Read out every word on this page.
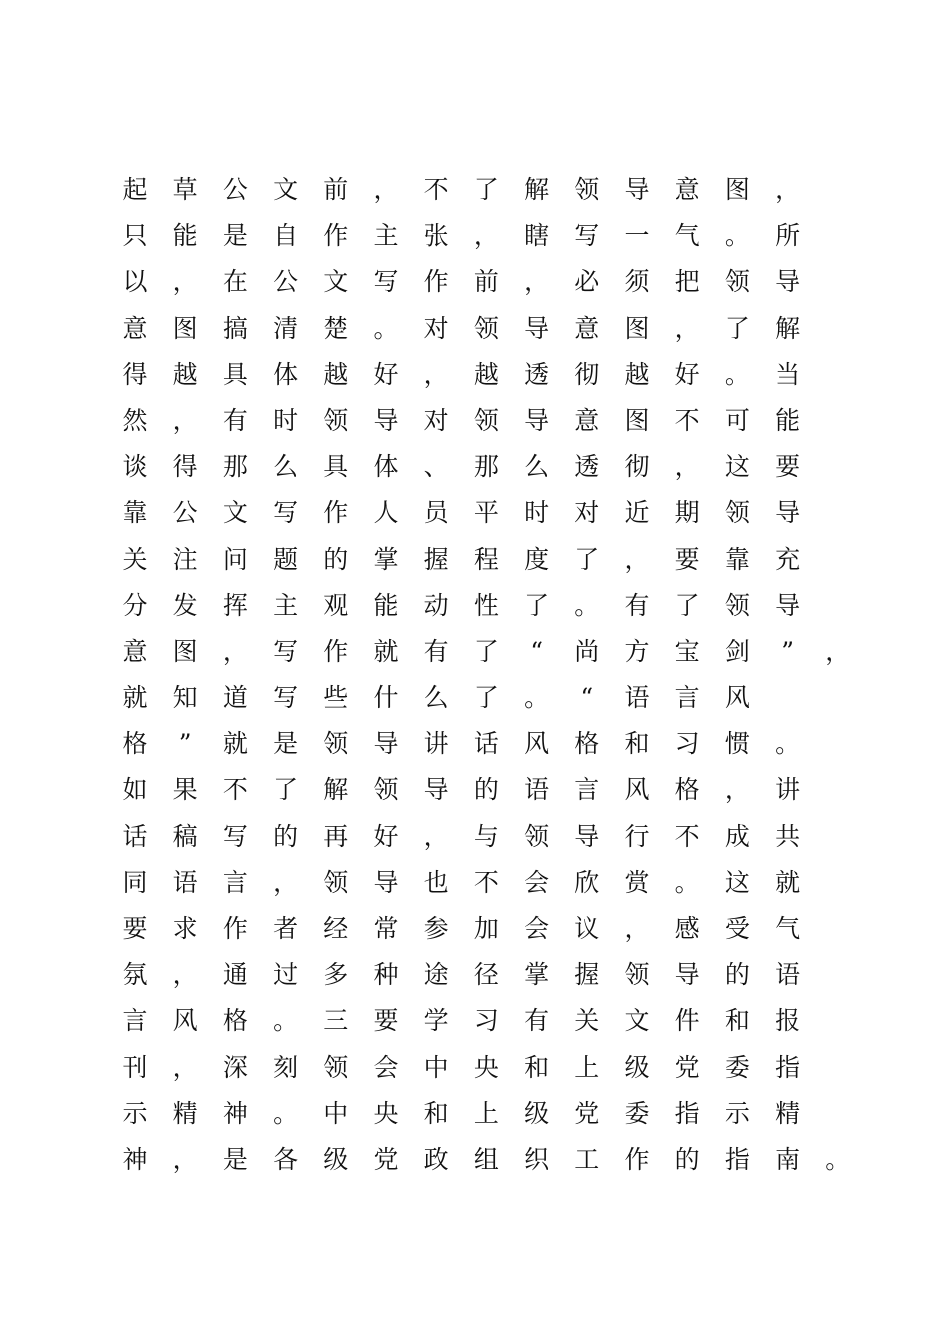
起	草	公	文	前	，	不	了	解	领	导	意	图	，
只	能	是	自	作	主	张	，	瞎	写	一	气	。	所
以	，	在	公	文	写	作	前	，	必	须	把	领	导
意	图	搞	清	楚	。	对	领	导	意	图	，	了	解
得	越	具	体	越	好	，	越	透	彻	越	好	。	当
然	，	有	时	领	导	对	领	导	意	图	不	可	能
谈	得	那	么	具	体	、	那	么	透	彻	，	这	要
靠	公	文	写	作	人	员	平	时	对	近	期	领	导
关	注	问	题	的	掌	握	程	度	了	，	要	靠	充
分	发	挥	主	观	能	动	性	了	。	有	了	领	导
意	图	，	写	作	就	有	了	“	尚	方	宝	剑	”	，
就	知	道	写	些	什	么	了	。	“	语	言	风
格	”	就	是	领	导	讲	话	风	格	和	习	惯	。
如	果	不	了	解	领	导	的	语	言	风	格	，	讲
话	稿	写	的	再	好	，	与	领	导	行	不	成	共
同	语	言	，	领	导	也	不	会	欣	赏	。	这	就
要	求	作	者	经	常	参	加	会	议	，	感	受	气
氛	，	通	过	多	种	途	径	掌	握	领	导	的	语
言	风	格	。	三	要	学	习	有	关	文	件	和	报
刊	，	深	刻	领	会	中	央	和	上	级	党	委	指
示	精	神	。	中	央	和	上	级	党	委	指	示	精
神	，	是	各	级	党	政	组	织	工	作	的	指	南	。
